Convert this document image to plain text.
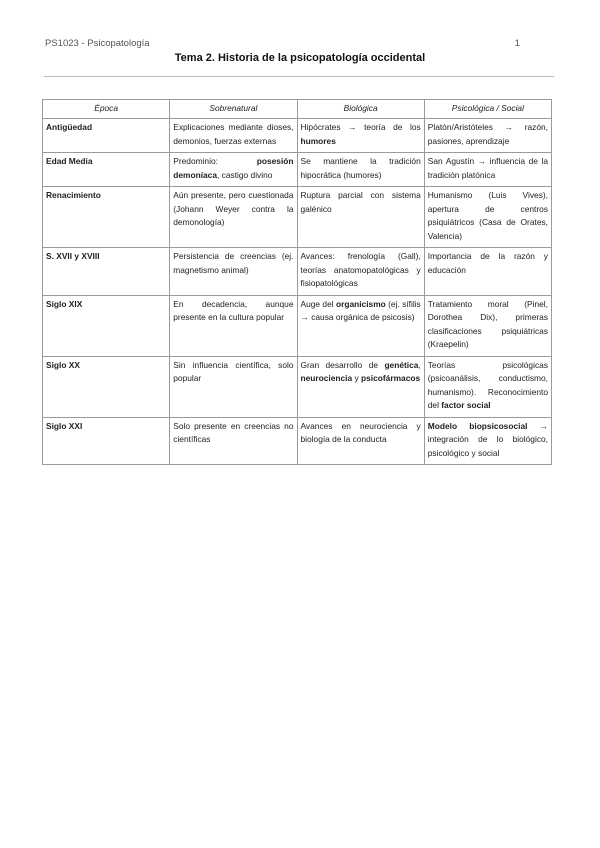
PS1023 - Psicopatología	1
Tema 2. Historia de la psicopatología occidental
Época	Sobrenatural	Biológica	Psicológica / Social
Antigüedad	Explicaciones mediante dioses, demonios, fuerzas externas	Hipócrates → teoría de los humores	Platón/Aristóteles → razón, pasiones, aprendizaje
Edad Media	Predominio: posesión demoníaca, castigo divino	Se mantiene la tradición hipocrática (humores)	San Agustín → influencia de la tradición platónica
Renacimiento	Aún presente, pero cuestionada (Johann Weyer contra la demonología)	Ruptura parcial con sistema galénico	Humanismo (Luis Vives), apertura de centros psiquiátricos (Casa de Orates, Valencia)
S. XVII y XVIII	Persistencia de creencias (ej. magnetismo animal)	Avances: frenología (Gall), teorías anatomopatológicas y fisiopatológicas	Importancia de la razón y educación
Siglo XIX	En decadencia, aunque presente en la cultura popular	Auge del organicismo (ej. sífilis → causa orgánica de psicosis)	Tratamiento moral (Pinel, Dorothea Dix), primeras clasificaciones psiquiátricas (Kraepelin)
Siglo XX	Sin influencia científica, solo popular	Gran desarrollo de genética, neurociencia y psicofármacos	Teorías psicológicas (psicoanálisis, conductismo, humanismo). Reconocimiento del factor social
Siglo XXI	Solo presente en creencias no científicas	Avances en neurociencia y biología de la conducta	Modelo biopsicosocial → integración de lo biológico, psicológico y social
